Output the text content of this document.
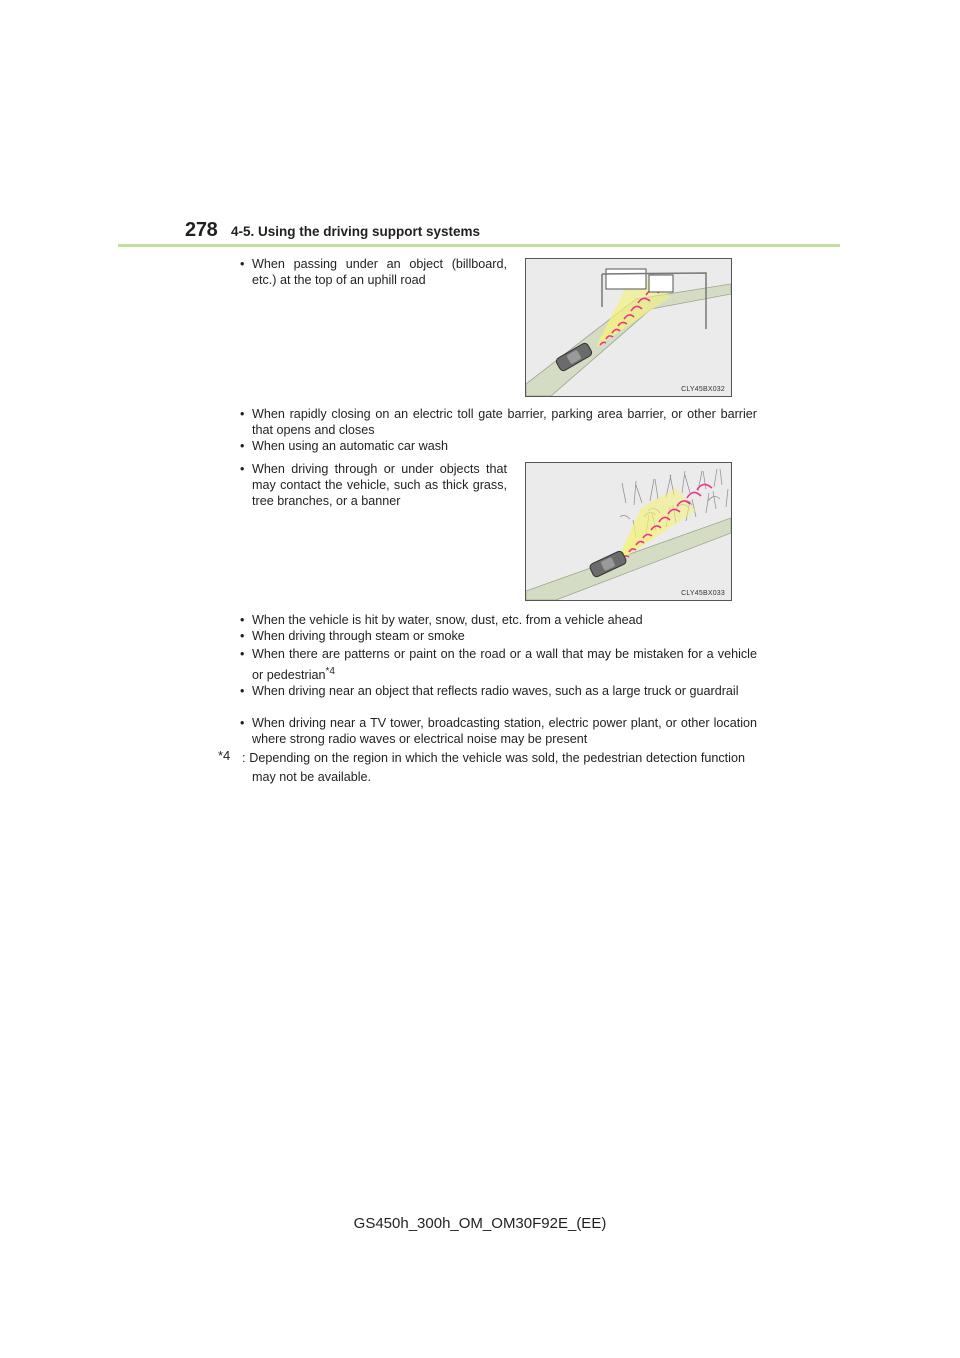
278 4-5. Using the driving support systems
• When passing under an object (billboard, etc.) at the top of an uphill road
CLY45BX032
• When rapidly closing on an electric toll gate barrier, parking area barrier, or other barrier that opens and closes
• When using an automatic car wash
• When driving through or under objects that may contact the vehicle, such as thick grass, tree branches, or a banner
CLY45BX033
• When the vehicle is hit by water, snow, dust, etc. from a vehicle ahead
• When driving through steam or smoke
• When there are patterns or paint on the road or a wall that may be mistaken for a vehicle or pedestrian$^{*4}$
• When driving near an object that reflects radio waves, such as a large truck or guardrail
• When driving near a TV tower, broadcasting station, electric power plant, or other location where strong radio waves or electrical noise may be present
*4 : Depending on the region in which the vehicle was sold, the pedestrian detection function may not be available.
GS450h_300h_OM_OM30F92E_(EE)
